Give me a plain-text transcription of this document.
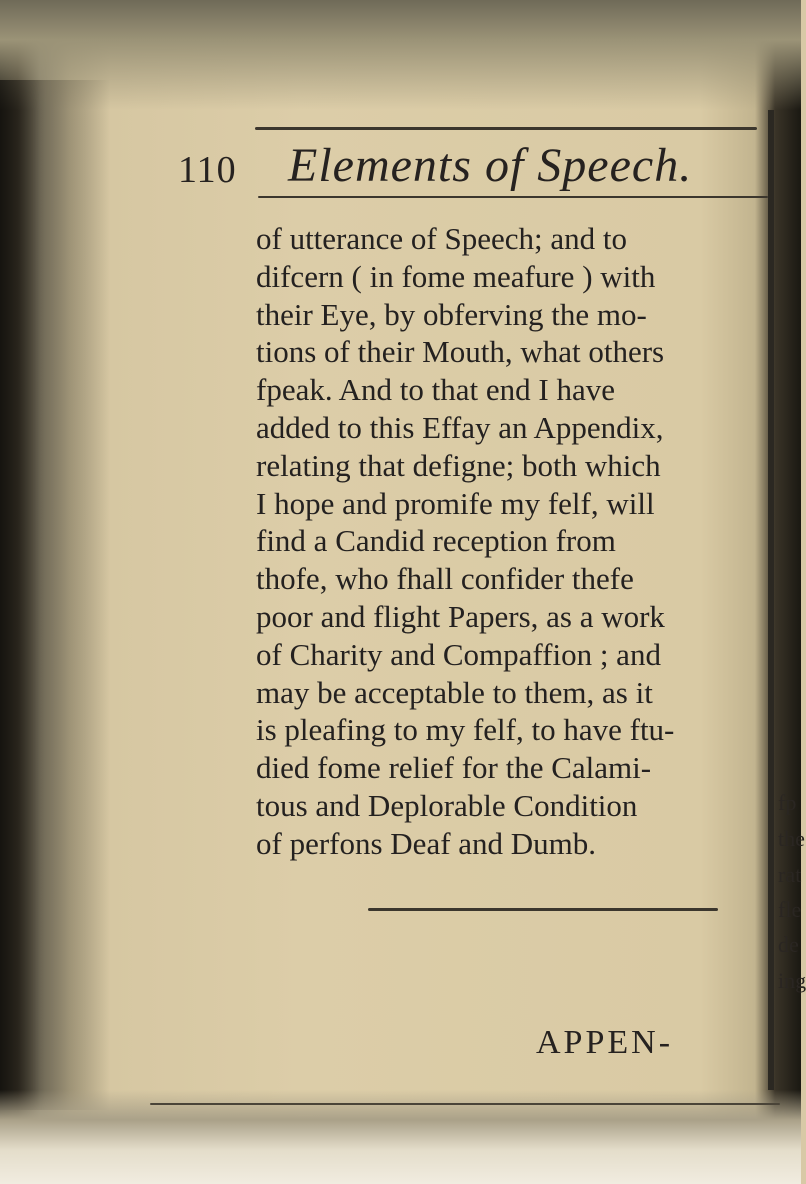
fp
the
rat
fle
de
ing
110 Elements of Speech.
of utterance of Speech; and to
difcern ( in fome meafure ) with
their Eye, by obferving the mo-
tions of their Mouth, what others
fpeak. And to that end I have
added to this Effay an Appendix,
relating that defigne; both which
I hope and promife my felf, will
find a Candid reception from
thofe, who fhall confider thefe
poor and flight Papers, as a work
of Charity and Compaffion ; and
may be acceptable to them, as it
is pleafing to my felf, to have ftu-
died fome relief for the Calami-
tous and Deplorable Condition
of perfons Deaf and Dumb.
APPEN-
